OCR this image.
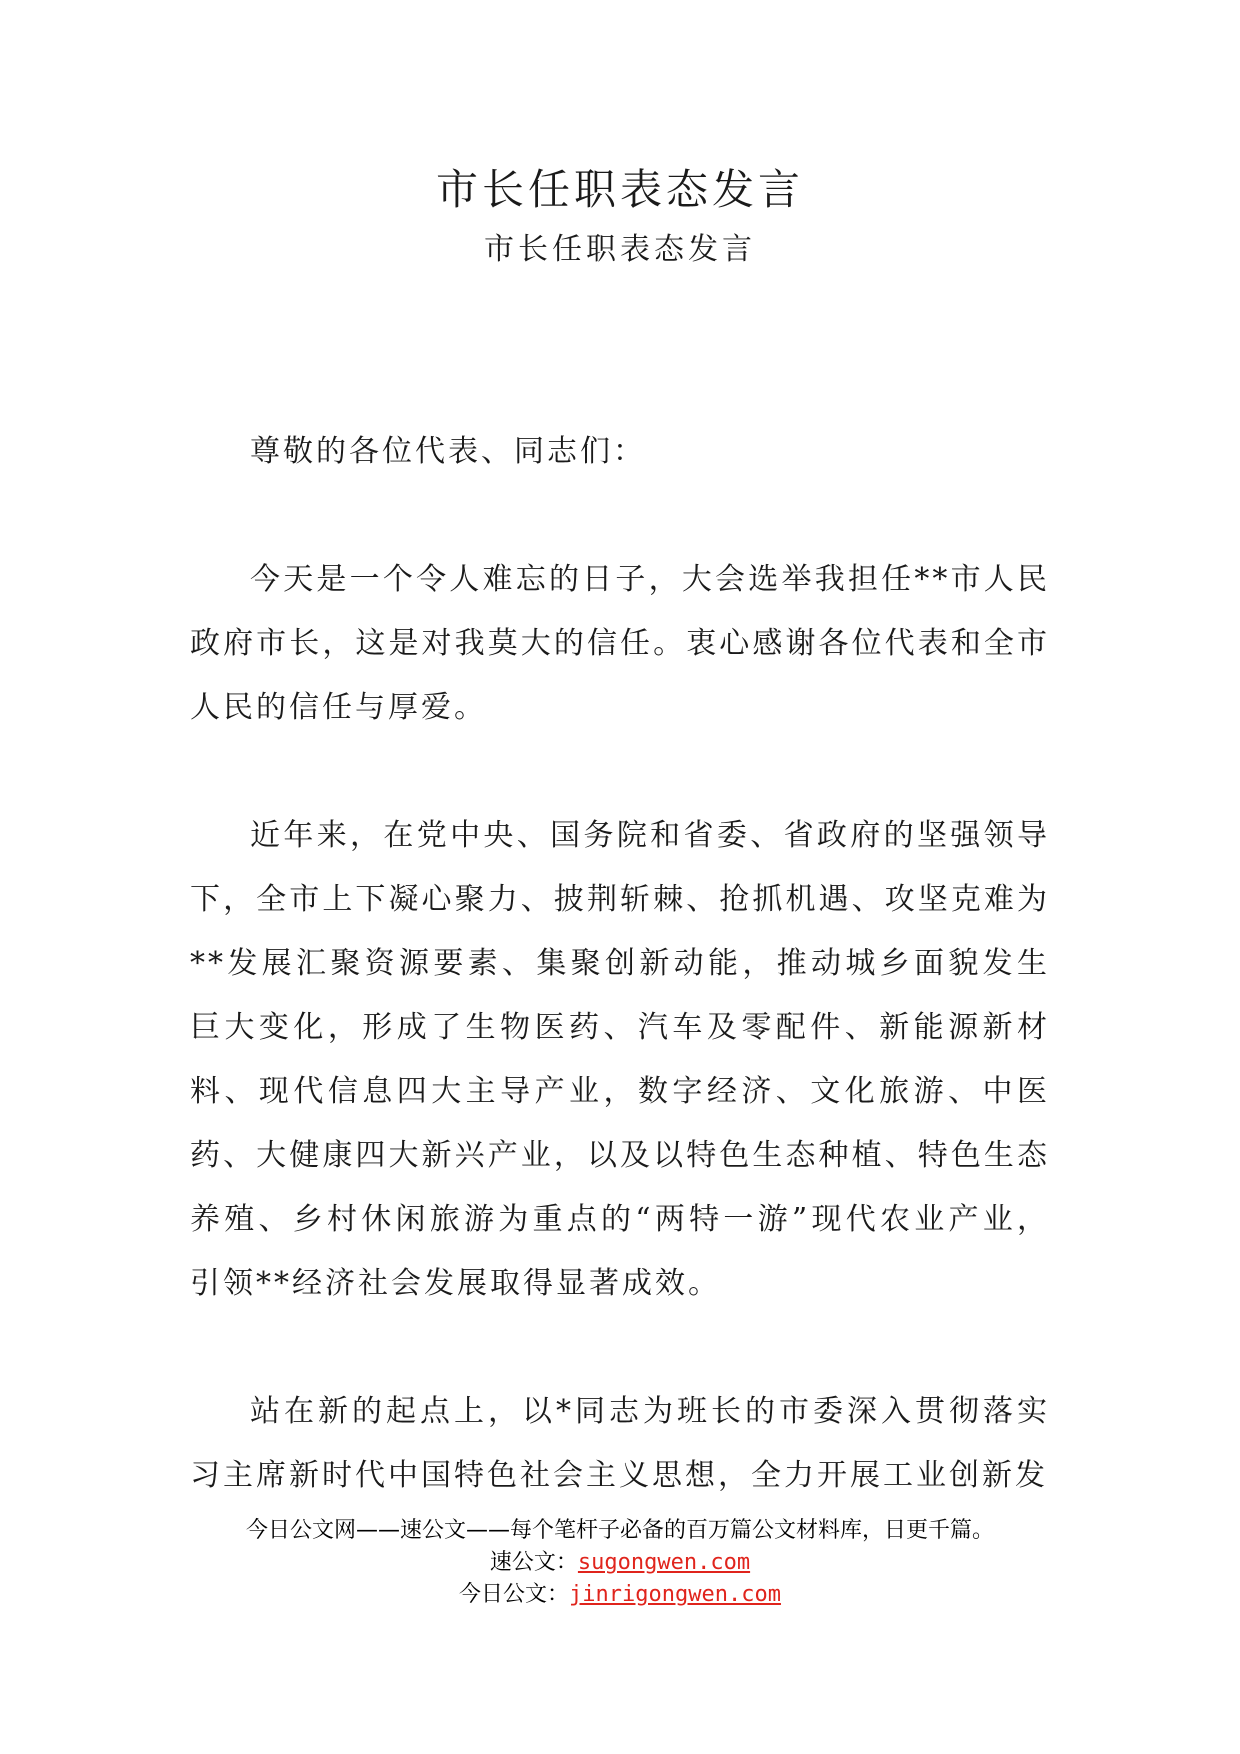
市长任职表态发言
市长任职表态发言

尊敬的各位代表、同志们：

今天是一个令人难忘的日子，大会选举我担任**市人民政府市长，这是对我莫大的信任。衷心感谢各位代表和全市人民的信任与厚爱。

近年来，在党中央、国务院和省委、省政府的坚强领导下，全市上下凝心聚力、披荆斩棘、抢抓机遇、攻坚克难为**发展汇聚资源要素、集聚创新动能，推动城乡面貌发生巨大变化，形成了生物医药、汽车及零配件、新能源新材料、现代信息四大主导产业，数字经济、文化旅游、中医药、大健康四大新兴产业，以及以特色生态种植、特色生态养殖、乡村休闲旅游为重点的“两特一游”现代农业产业，引领**经济社会发展取得显著成效。

站在新的起点上，以*同志为班长的市委深入贯彻落实习主席新时代中国特色社会主义思想，全力开展工业创新发

今日公文网——速公文——每个笔杆子必备的百万篇公文材料库，日更千篇。
速公文：sugongwen.com
今日公文：jinrigongwen.com
